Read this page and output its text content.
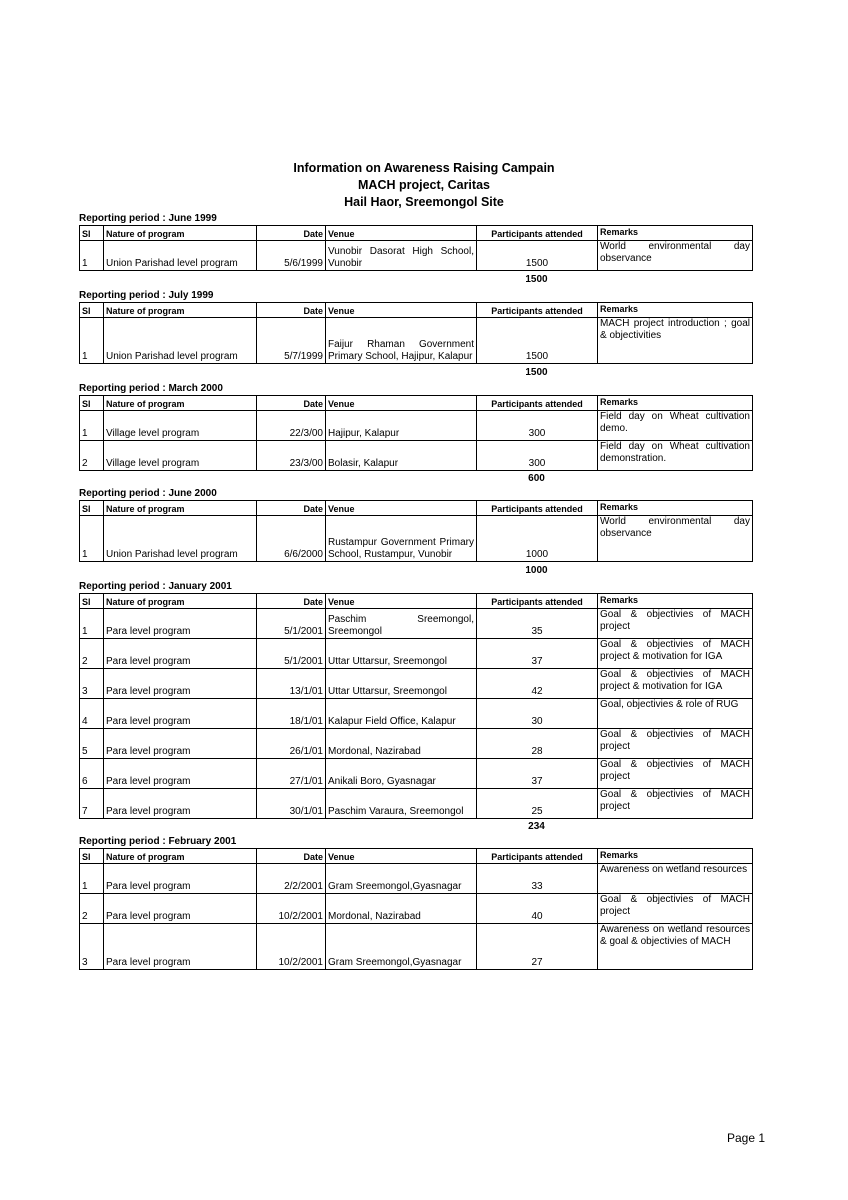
Information on Awareness Raising Campain
MACH project, Caritas
Hail Haor, Sreemongol Site
Reporting period : June 1999
Sl	Nature of program	Date	Venue	Participants attended	Remarks
1	Union Parishad level program	5/6/1999	Vunobir Dasorat High School, Vunobir	1500	World environmental day observance
1500
Reporting period : July 1999
Sl	Nature of program	Date	Venue	Participants attended	Remarks
1	Union Parishad level program	5/7/1999	Faijur Rhaman Government Primary School, Hajipur, Kalapur	1500	MACH project introduction ; goal & objectivities
1500
Reporting period : March 2000
Sl	Nature of program	Date	Venue	Participants attended	Remarks
1	Village level program	22/3/00	Hajipur, Kalapur	300	Field day on Wheat cultivation demo.
2	Village level program	23/3/00	Bolasir, Kalapur	300	Field day on Wheat cultivation demonstration.
600
Reporting period : June 2000
Sl	Nature of program	Date	Venue	Participants attended	Remarks
1	Union Parishad level program	6/6/2000	Rustampur Government Primary School, Rustampur, Vunobir	1000	World environmental day observance
1000
Reporting period : January 2001
Sl	Nature of program	Date	Venue	Participants attended	Remarks
1	Para level program	5/1/2001	Paschim Sreemongol, Sreemongol	35	Goal & objectivies of MACH project
2	Para level program	5/1/2001	Uttar Uttarsur, Sreemongol	37	Goal & objectivies of MACH project & motivation for IGA
3	Para level program	13/1/01	Uttar Uttarsur, Sreemongol	42	Goal & objectivies of MACH project & motivation for IGA
4	Para level program	18/1/01	Kalapur Field Office, Kalapur	30	Goal, objectivies & role of RUG
5	Para level program	26/1/01	Mordonal, Nazirabad	28	Goal & objectivies of MACH project
6	Para level program	27/1/01	Anikali Boro, Gyasnagar	37	Goal & objectivies of MACH project
7	Para level program	30/1/01	Paschim Varaura, Sreemongol	25	Goal & objectivies of MACH project
234
Reporting period : February 2001
Sl	Nature of program	Date	Venue	Participants attended	Remarks
1	Para level program	2/2/2001	Gram Sreemongol,Gyasnagar	33	Awareness on wetland resources
2	Para level program	10/2/2001	Mordonal, Nazirabad	40	Goal & objectivies of MACH project
3	Para level program	10/2/2001	Gram Sreemongol,Gyasnagar	27	Awareness on wetland resources & goal & objectivies of MACH
Page 1
